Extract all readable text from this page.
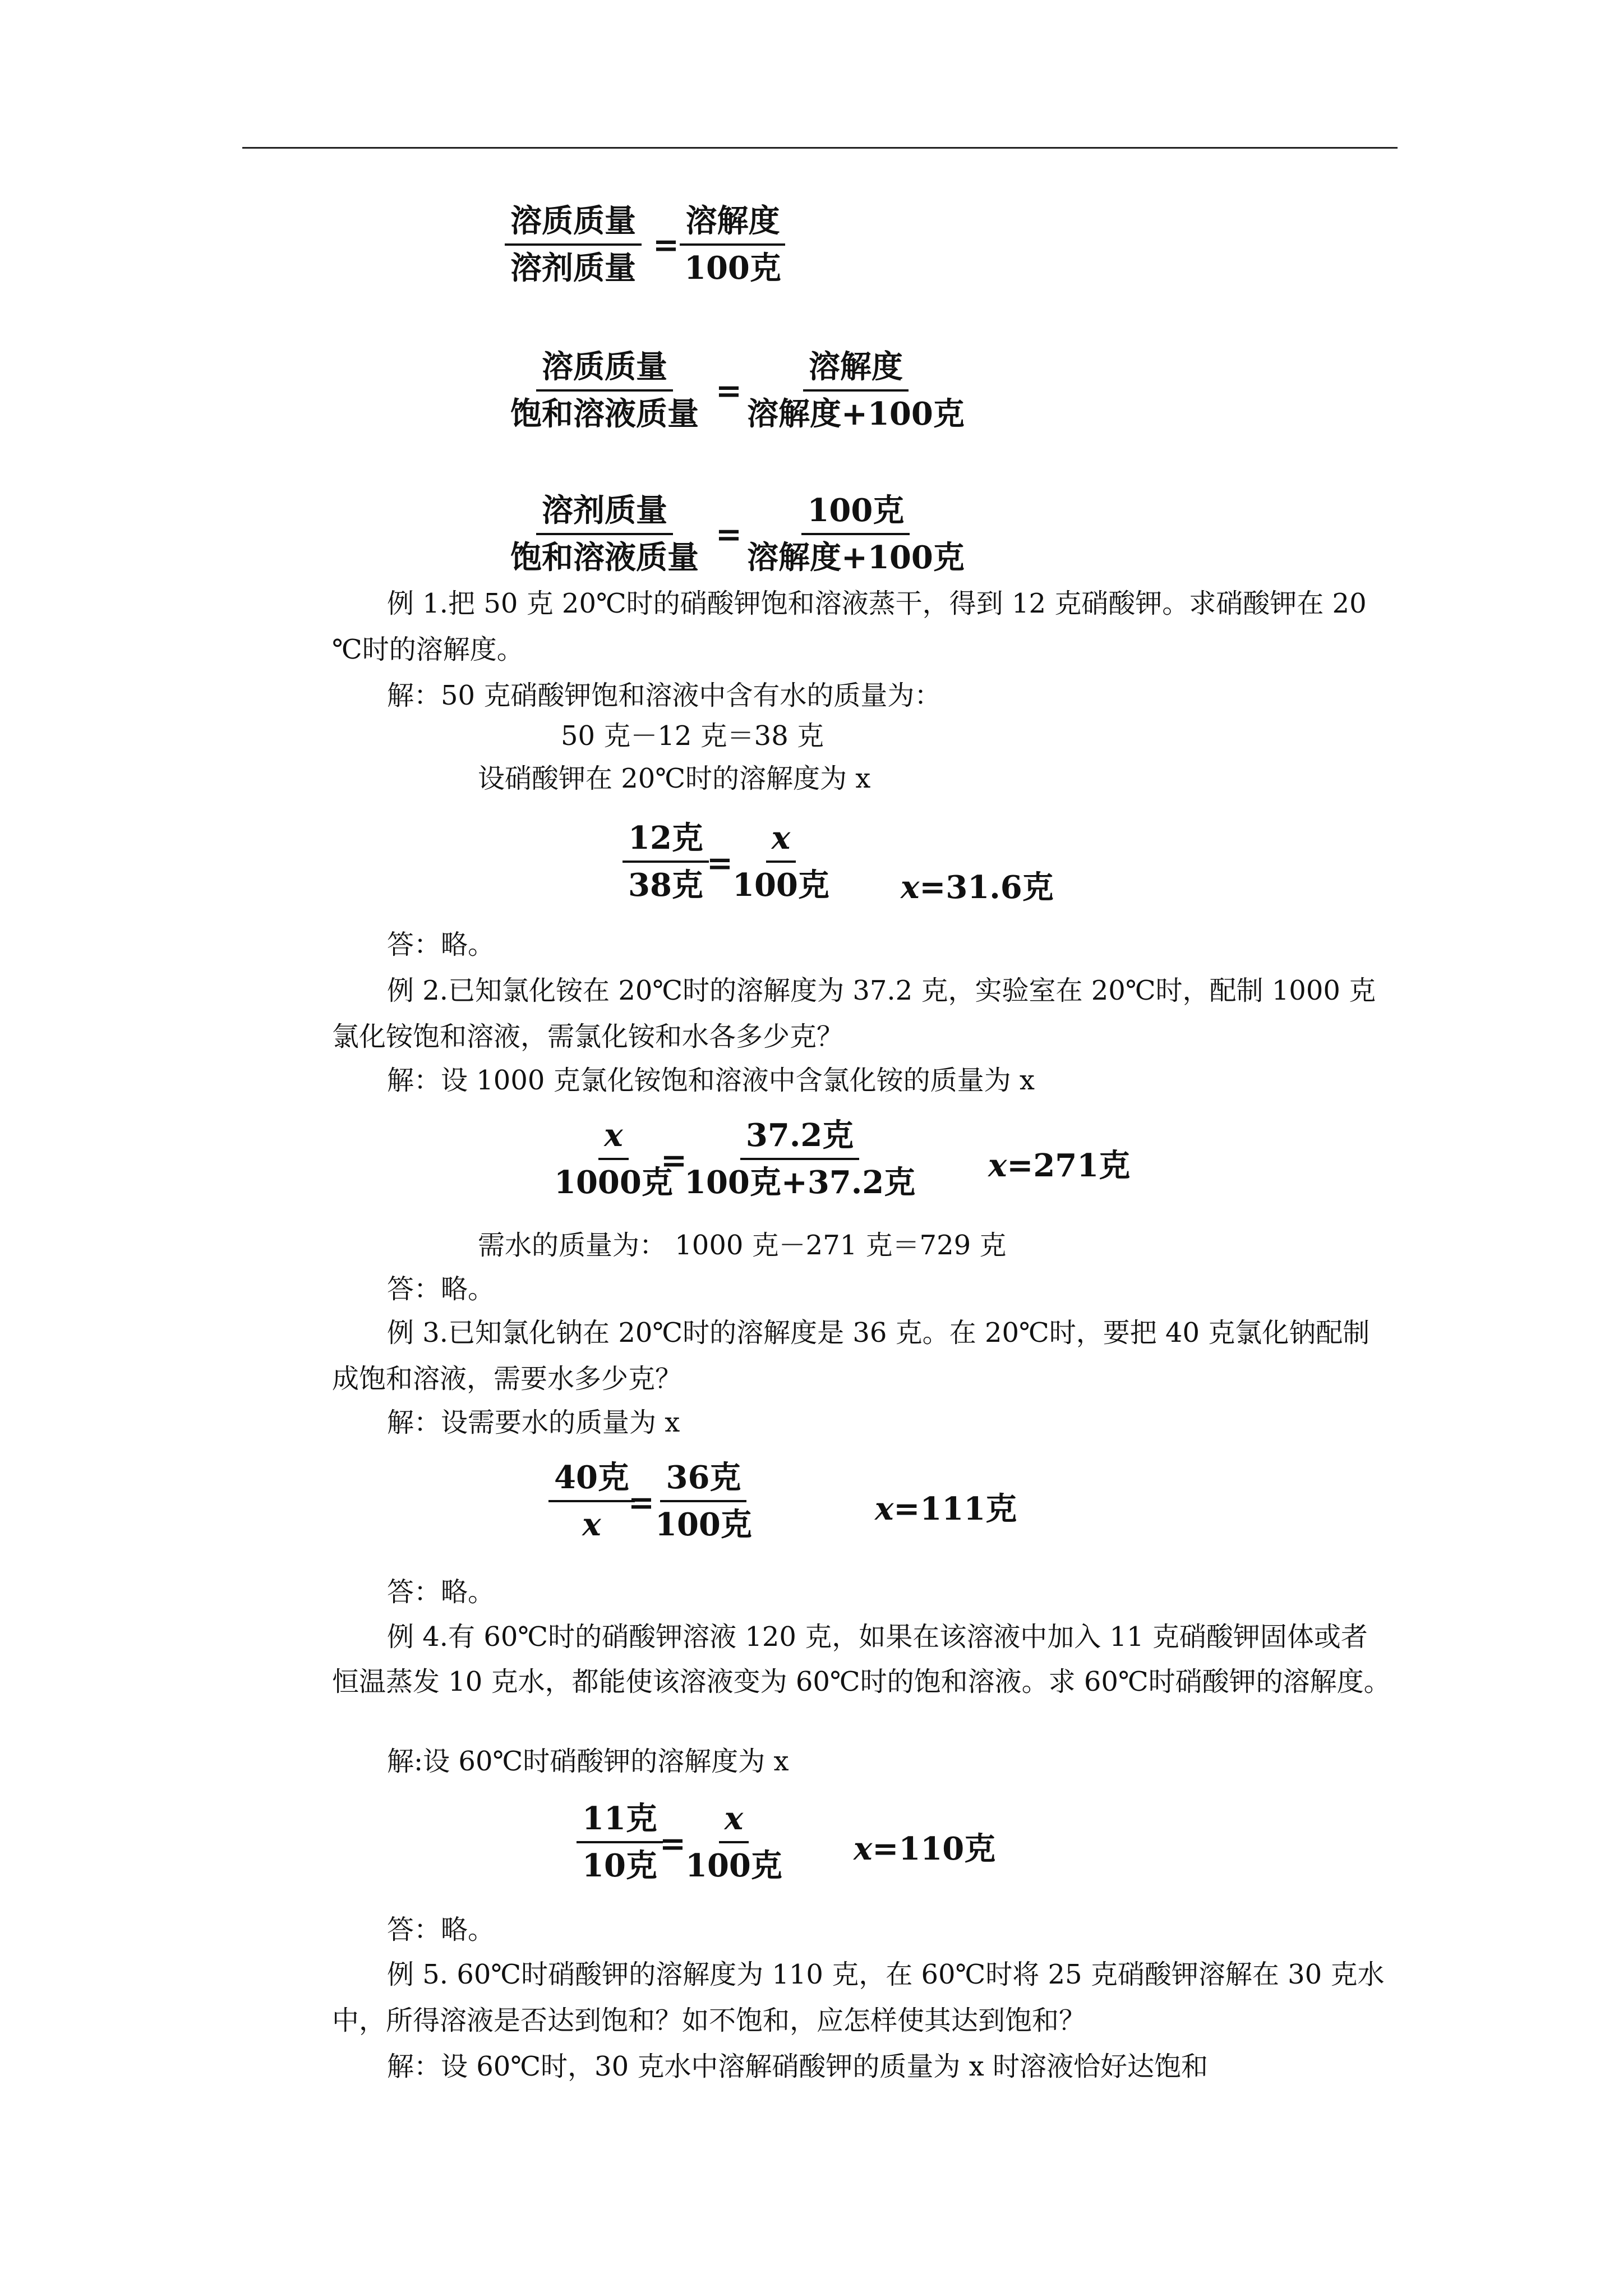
溶质质量
溶剂质量
=
溶解度
100克
溶质质量
饱和溶液质量
=
溶解度
溶解度+100克
溶剂质量
饱和溶液质量
=
100克
溶解度+100克
例 1.把 50 克 20℃时的硝酸钾饱和溶液蒸干，得到 12 克硝酸钾。求硝酸钾在 20
℃时的溶解度。
解：50 克硝酸钾饱和溶液中含有水的质量为：
50 克－12 克＝38 克
设硝酸钾在 20℃时的溶解度为 x
12克
38克
=
x
100克 x=31.6克
答：略。
例 2.已知氯化铵在 20℃时的溶解度为 37.2 克，实验室在 20℃时，配制 1000 克
氯化铵饱和溶液，需氯化铵和水各多少克？
解：设 1000 克氯化铵饱和溶液中含氯化铵的质量为 x
x
1000克
=
37.2克
100克+37.2克 x=271克
需水的质量为： 1000 克－271 克＝729 克
答：略。
例 3.已知氯化钠在 20℃时的溶解度是 36 克。在 20℃时，要把 40 克氯化钠配制
成饱和溶液，需要水多少克？
解：设需要水的质量为 x
40克
x
=
36克
100克	x=111克
答：略。
例 4.有 60℃时的硝酸钾溶液 120 克，如果在该溶液中加入 11 克硝酸钾固体或者
恒温蒸发 10 克水，都能使该溶液变为 60℃时的饱和溶液。求 60℃时硝酸钾的溶解度。
解:设 60℃时硝酸钾的溶解度为 x
11克
10克
=
x
100克 x=110克
答：略。
例 5. 60℃时硝酸钾的溶解度为 110 克，在 60℃时将 25 克硝酸钾溶解在 30 克水
中，所得溶液是否达到饱和？如不饱和，应怎样使其达到饱和？
解：设 60℃时，30 克水中溶解硝酸钾的质量为 x 时溶液恰好达饱和
